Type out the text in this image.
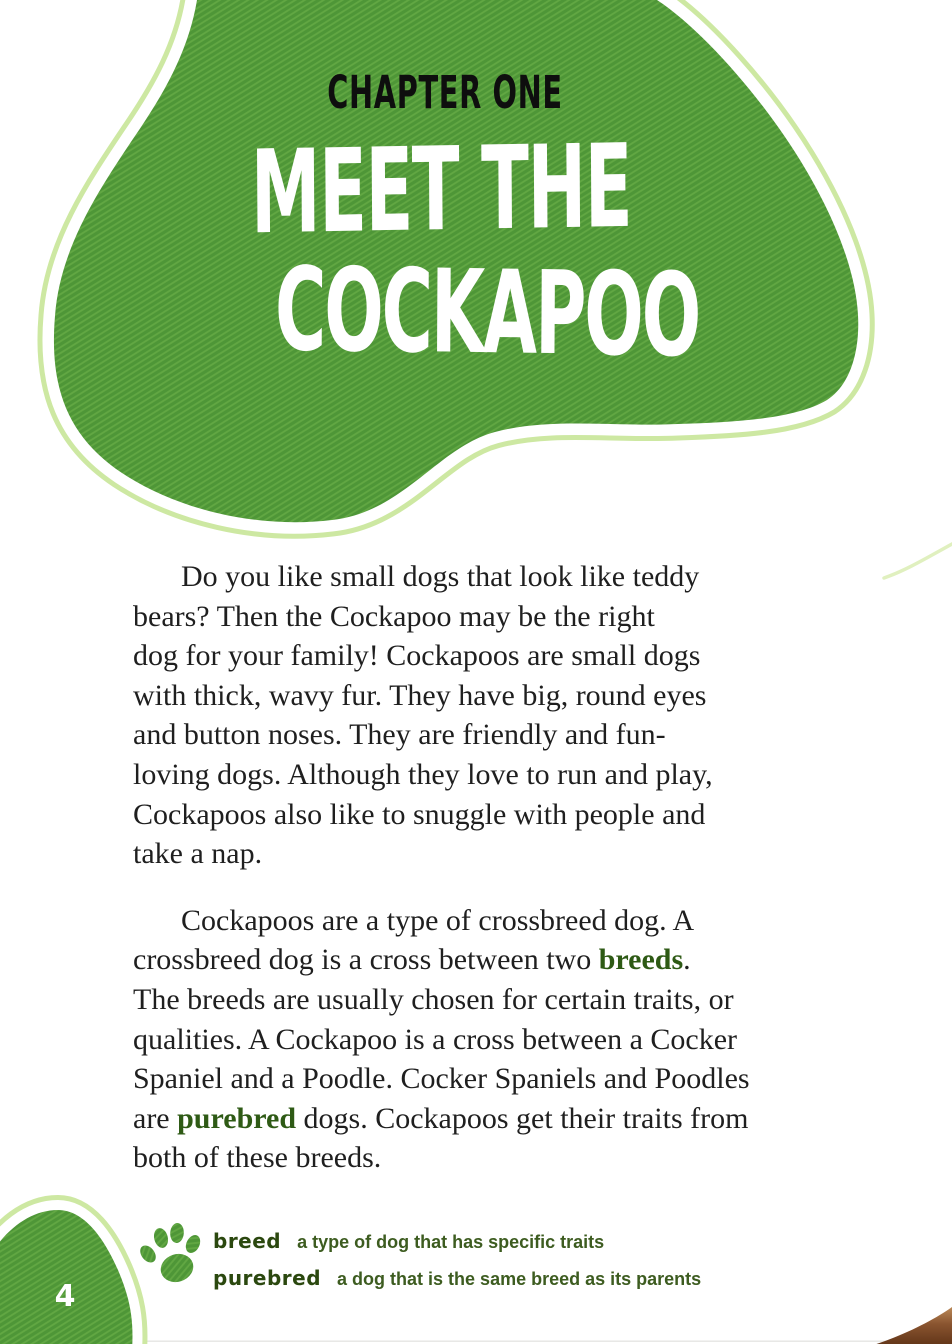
CHAPTER ONE
MEET THE
COCKAPOO

Do you like small dogs that look like teddy
bears? Then the Cockapoo may be the right
dog for your family! Cockapoos are small dogs
with thick, wavy fur. They have big, round eyes
and button noses. They are friendly and fun-
loving dogs. Although they love to run and play,
Cockapoos also like to snuggle with people and
take a nap.

Cockapoos are a type of crossbreed dog. A
crossbreed dog is a cross between two breeds.
The breeds are usually chosen for certain traits, or
qualities. A Cockapoo is a cross between a Cocker
Spaniel and a Poodle. Cocker Spaniels and Poodles
are purebred dogs. Cockapoos get their traits from
both of these breeds.

breed a type of dog that has specific traits
purebred a dog that is the same breed as its parents
4
